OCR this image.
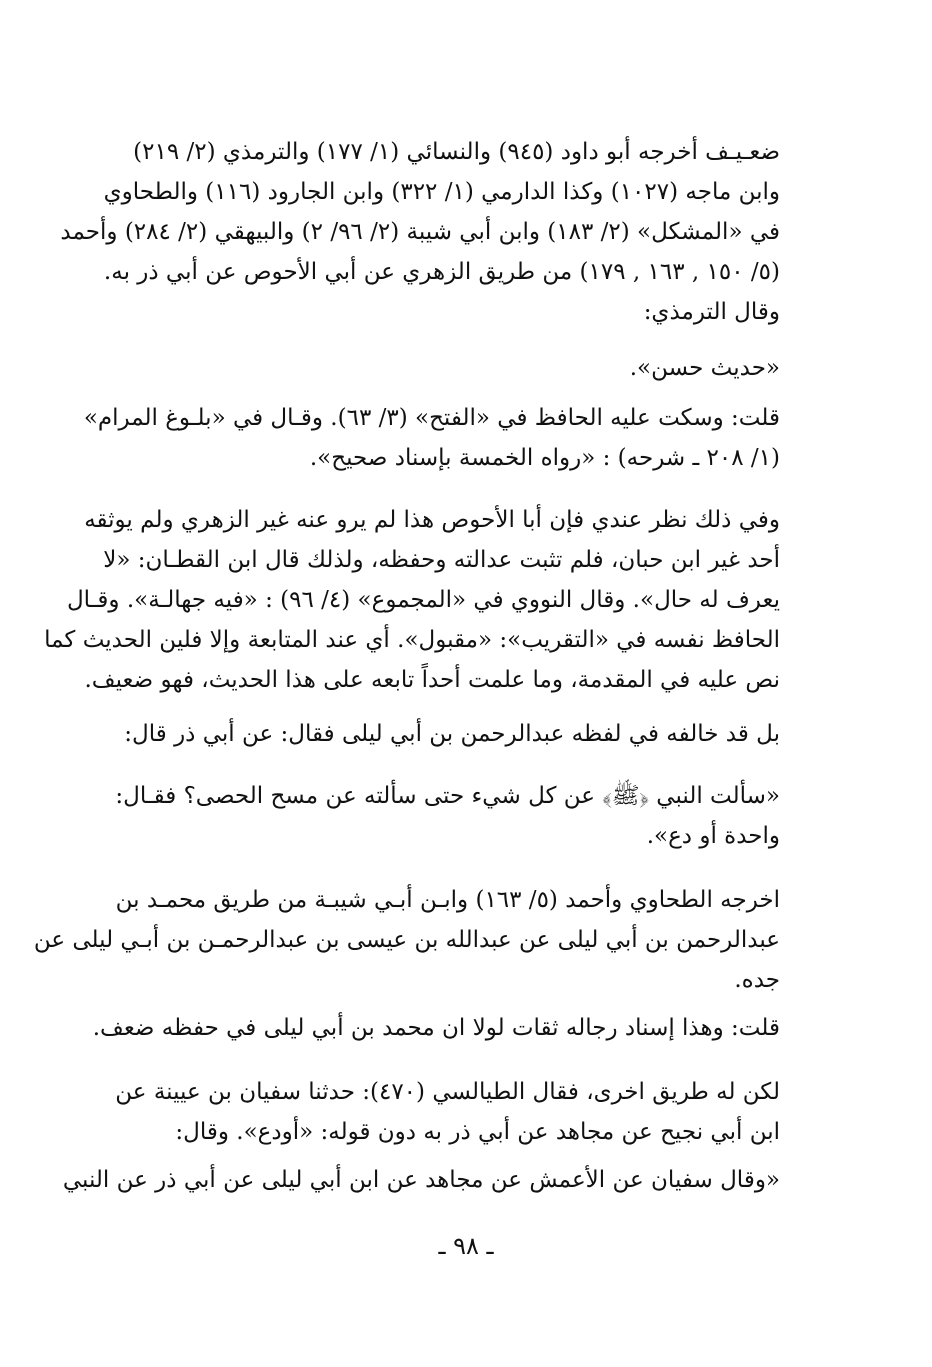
ضعـيـف أخرجه أبو داود (٩٤٥) والنسائي (١/ ١٧٧) والترمذي (٢/ ٢١٩)
وابن ماجه (١٠٢٧) وكذا الدارمي (١/ ٣٢٢) وابن الجارود (١١٦) والطحاوي
في «المشكل» (٢/ ١٨٣) وابن أبي شيبة (٢/ ٩٦/ ٢) والبيهقي (٢/ ٢٨٤) وأحمد
(٥/ ١٥٠ , ١٦٣ , ١٧٩) من طريق الزهري عن أبي الأحوص عن أبي ذر به.
وقال الترمذي:
«حديث حسن».
قلت: وسكت عليه الحافظ في «الفتح» (٣/ ٦٣). وقـال في «بلـوغ المرام»
(١/ ٢٠٨ ـ شرحه) : «رواه الخمسة بإسناد صحيح».
وفي ذلك نظر عندي فإن أبا الأحوص هذا لم يرو عنه غير الزهري ولم يوثقه
أحد غير ابن حبان، فلم تثبت عدالته وحفظه، ولذلك قال ابن القطـان: «لا
يعرف له حال». وقال النووي في «المجموع» (٤/ ٩٦) : «فيه جهالـة». وقـال
الحافظ نفسه في «التقريب»: «مقبول». أي عند المتابعة وإلا فلين الحديث كما
نص عليه في المقدمة، وما علمت أحداً تابعه على هذا الحديث، فهو ضعيف.
بل قد خالفه في لفظه عبدالرحمن بن أبي ليلى فقال: عن أبي ذر قال:
«سألت النبي ﴿ﷺ﴾ عن كل شيء حتى سألته عن مسح الحصى؟ فقـال:
واحدة أو دع».
اخرجه الطحاوي وأحمد (٥/ ١٦٣) وابـن أبـي شيبـة من طريق محمـد بن
عبدالرحمن بن أبي ليلى عن عبدالله بن عيسى بن عبدالرحمـن بن أبـي ليلى عن
جده.
قلت: وهذا إسناد رجاله ثقات لولا ان محمد بن أبي ليلى في حفظه ضعف.
لكن له طريق اخرى، فقال الطيالسي (٤٧٠): حدثنا سفيان بن عيينة عن
ابن أبي نجيح عن مجاهد عن أبي ذر به دون قوله: «أودع». وقال:
«وقال سفيان عن الأعمش عن مجاهد عن ابن أبي ليلى عن أبي ذر عن النبي
ـ ٩٨ ـ
